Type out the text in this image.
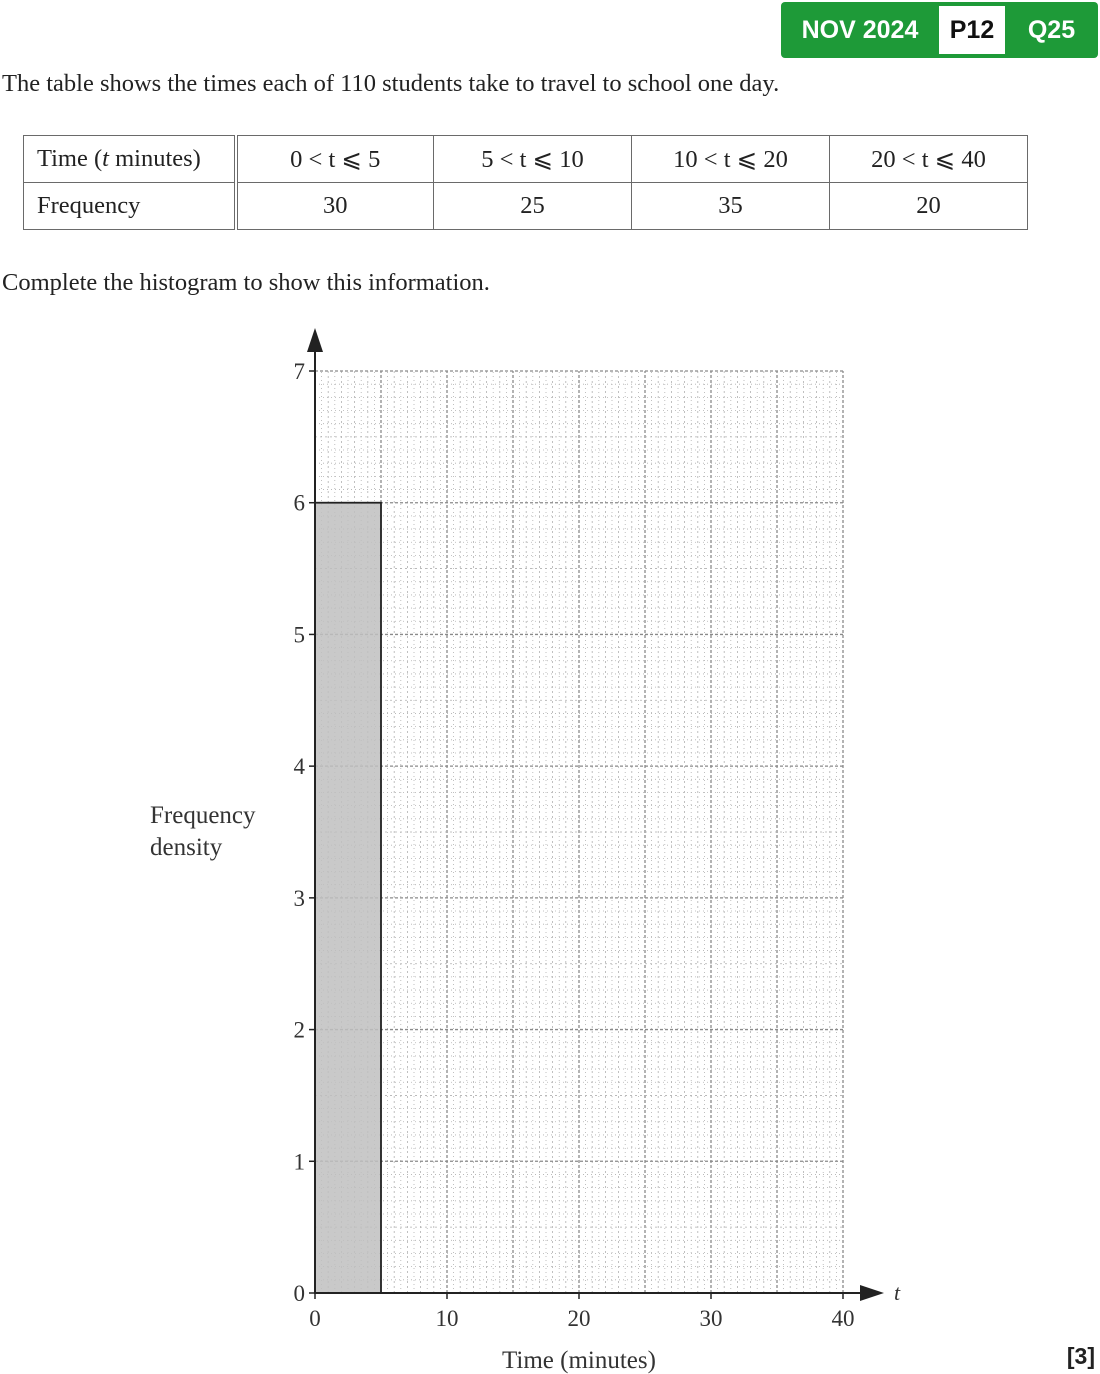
NOV 2024	P12	Q25
The table shows the times each of 110 students take to travel to school one day.
Time (t minutes)	0 < t ⩽ 5	5 < t ⩽ 10	10 < t ⩽ 20	20 < t ⩽ 40
Frequency	30	25	35	20
Complete the histogram to show this information.
0
1
2
3
4
5
6
7
0	10	20	30	40
Frequency
density
Time (minutes)
t
[3]
